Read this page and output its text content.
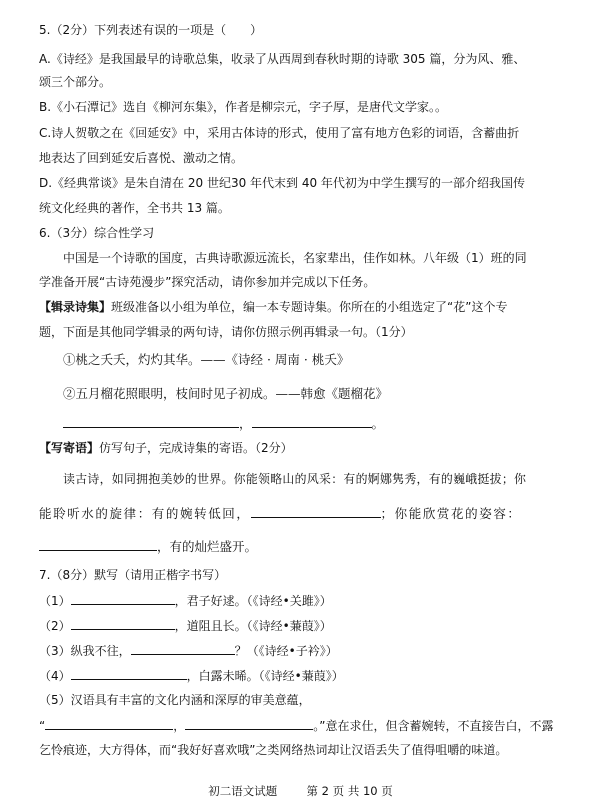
5.（2分）下列表述有误的一项是（　　）
A.《诗经》是我国最早的诗歌总集，收录了从西周到春秋时期的诗歌 305 篇，分为风、雅、
颂三个部分。
B.《小石潭记》选自《柳河东集》，作者是柳宗元，字子厚，是唐代文学家。。
C.诗人贺敬之在《回延安》中，采用古体诗的形式，使用了富有地方色彩的词语，含蓄曲折
地表达了回到延安后喜悦、激动之情。
D.《经典常谈》是朱自清在 20 世纪30 年代末到 40 年代初为中学生撰写的一部介绍我国传
统文化经典的著作，全书共 13 篇。
6.（3分）综合性学习
中国是一个诗歌的国度，古典诗歌源远流长，名家辈出，佳作如林。八年级（1）班的同
学准备开展“古诗苑漫步”探究活动，请你参加并完成以下任务。
【辑录诗集】班级准备以小组为单位，编一本专题诗集。你所在的小组选定了“花”这个专
题，下面是其他同学辑录的两句诗，请你仿照示例再辑录一句。（1分）
①桃之夭夭，灼灼其华。——《诗经 · 周南 · 桃夭》
②五月榴花照眼明，枝间时见子初成。——韩愈《题榴花》
，	。
【写寄语】仿写句子，完成诗集的寄语。（2分）
读古诗，如同拥抱美妙的世界。你能领略山的风采：有的婀娜隽秀，有的巍峨挺拔；你
能聆听水的旋律：有的婉转低回，	；你能欣赏花的姿容：
，有的灿烂盛开。
7.（8分）默写（请用正楷字书写）
（1）	，君子好逑。（《诗经•关雎》）
（2）	，道阻且长。（《诗经•蒹葭》）
（3）纵我不往，	？（《诗经•子衿》）
（4）	，白露未晞。（《诗经•蒹葭》）
（5）汉语具有丰富的文化内涵和深厚的审美意蕴，
“	，	。”意在求仕，但含蓄婉转，不直接告白，不露
乞怜痕迹，大方得体，而“我好好喜欢哦”之类网络热词却让汉语丢失了值得咀嚼的味道。
初二语文试题	第 2 页 共 10 页
